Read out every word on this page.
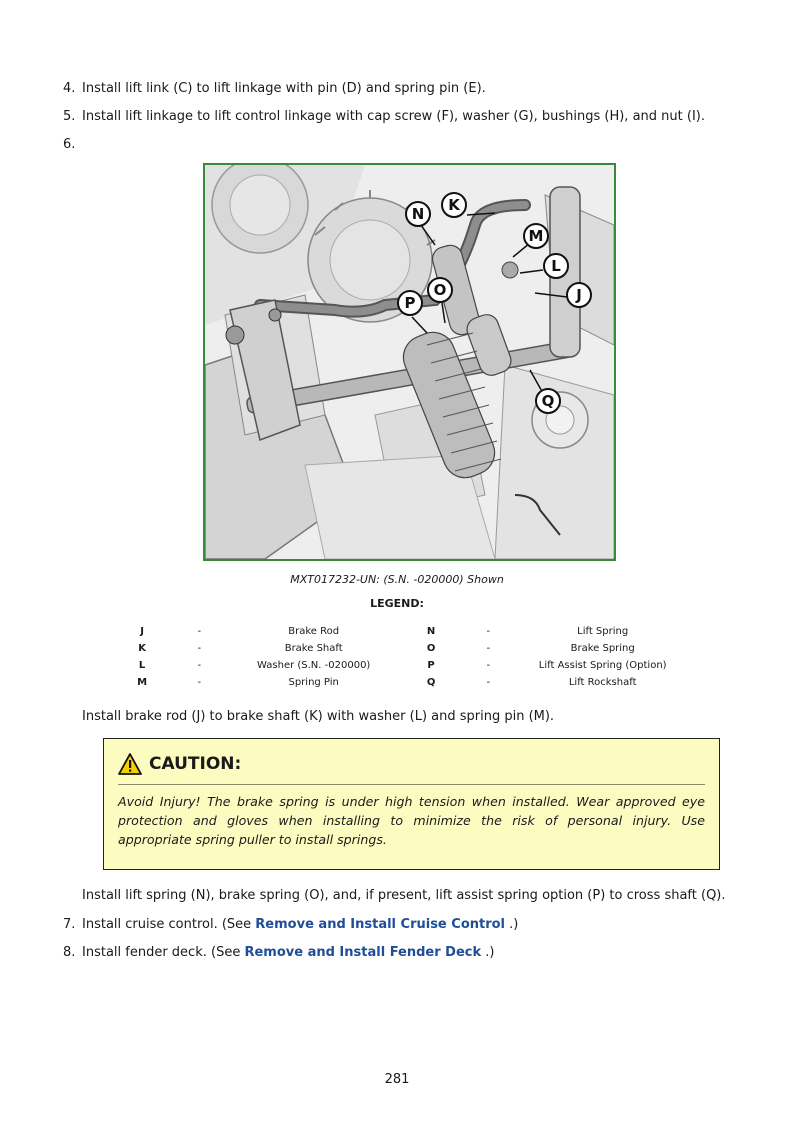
4. Install lift link (C) to lift linkage with pin (D) and spring pin (E).
5. Install lift linkage to lift control linkage with cap screw (F), washer (G), bushings (H), and nut (I).
6.
N K
M
L
J
P
O
Q
MXT017232-UN: (S.N. -020000) Shown
LEGEND:
J	-	Brake Rod	N	-	Lift Spring
K	-	Brake Shaft	O	-	Brake Spring
L	-	Washer (S.N. -020000)	P	-	Lift Assist Spring (Option)
M	-	Spring Pin	Q	-	Lift Rockshaft
Install brake rod (J) to brake shaft (K) with washer (L) and spring pin (M).
CAUTION:
Avoid Injury! The brake spring is under high tension when installed. Wear approved eye protection and gloves when installing to minimize the risk of personal injury. Use appropriate spring puller to install springs.
Install lift spring (N), brake spring (O), and, if present, lift assist spring option (P) to cross shaft (Q).
7. Install cruise control. (See Remove and Install Cruise Control .)
8. Install fender deck. (See Remove and Install Fender Deck .)
281
